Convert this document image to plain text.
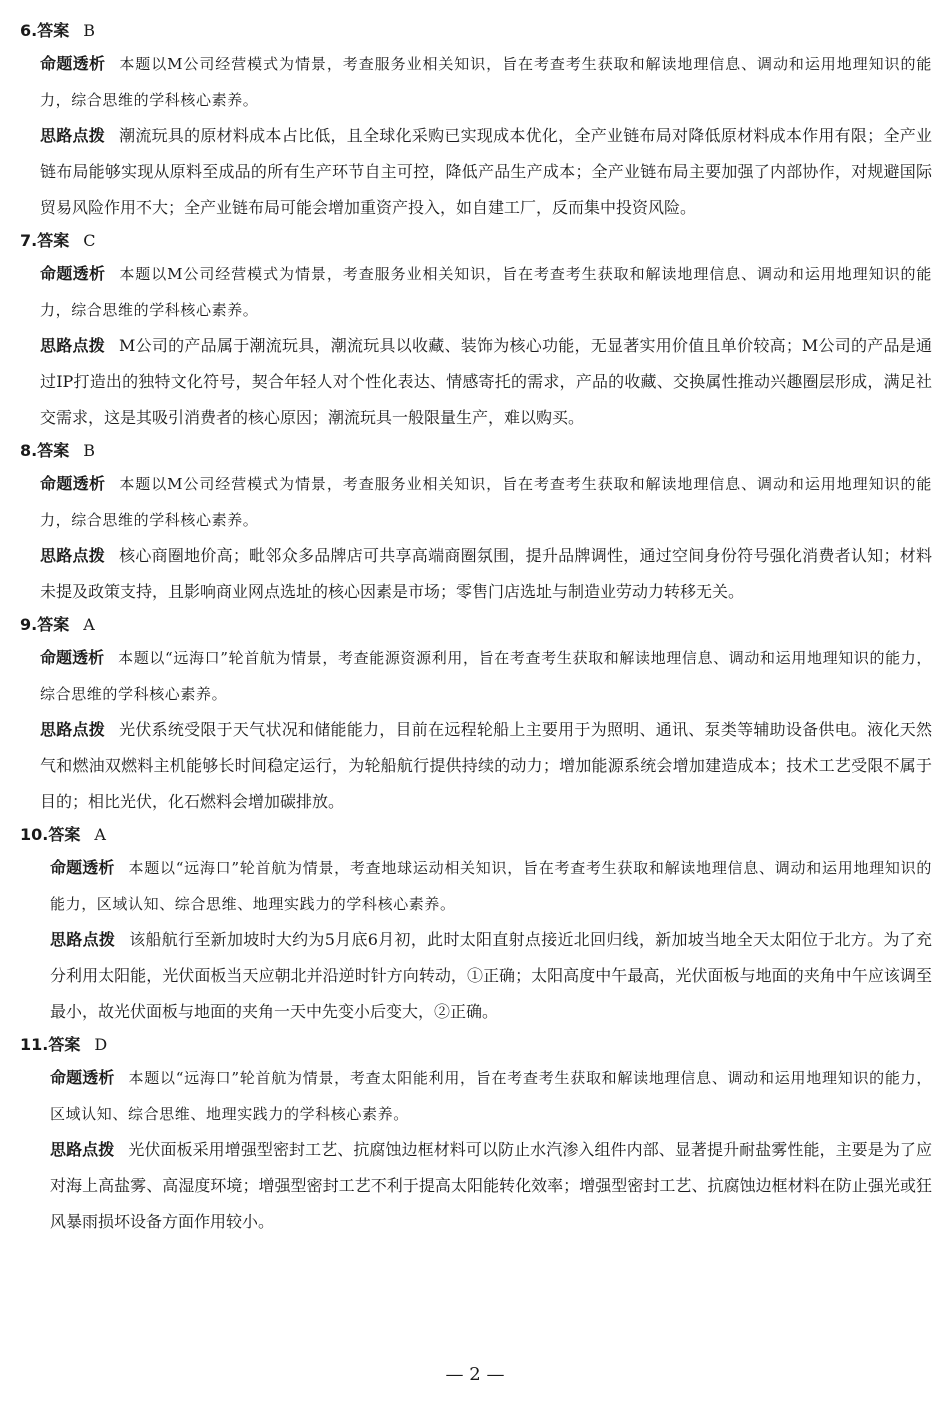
6.答案 B

命题透析 本题以M公司经营模式为情景，考查服务业相关知识，旨在考查考生获取和解读地理信息、调动和运用地理知识的能力，综合思维的学科核心素养。

思路点拨 潮流玩具的原材料成本占比低，且全球化采购已实现成本优化，全产业链布局对降低原材料成本作用有限；全产业链布局能够实现从原料至成品的所有生产环节自主可控，降低产品生产成本；全产业链布局主要加强了内部协作，对规避国际贸易风险作用不大；全产业链布局可能会增加重资产投入，如自建工厂，反而集中投资风险。

7.答案 C

命题透析 本题以M公司经营模式为情景，考查服务业相关知识，旨在考查考生获取和解读地理信息、调动和运用地理知识的能力，综合思维的学科核心素养。

思路点拨 M公司的产品属于潮流玩具，潮流玩具以收藏、装饰为核心功能，无显著实用价值且单价较高；M公司的产品是通过IP打造出的独特文化符号，契合年轻人对个性化表达、情感寄托的需求，产品的收藏、交换属性推动兴趣圈层形成，满足社交需求，这是其吸引消费者的核心原因；潮流玩具一般限量生产，难以购买。

8.答案 B

命题透析 本题以M公司经营模式为情景，考查服务业相关知识，旨在考查考生获取和解读地理信息、调动和运用地理知识的能力，综合思维的学科核心素养。

思路点拨 核心商圈地价高；毗邻众多品牌店可共享高端商圈氛围，提升品牌调性，通过空间身份符号强化消费者认知；材料未提及政策支持，且影响商业网点选址的核心因素是市场；零售门店选址与制造业劳动力转移无关。

9.答案 A

命题透析 本题以“远海口”轮首航为情景，考查能源资源利用，旨在考查考生获取和解读地理信息、调动和运用地理知识的能力，综合思维的学科核心素养。

思路点拨 光伏系统受限于天气状况和储能能力，目前在远程轮船上主要用于为照明、通讯、泵类等辅助设备供电。液化天然气和燃油双燃料主机能够长时间稳定运行，为轮船航行提供持续的动力；增加能源系统会增加建造成本；技术工艺受限不属于目的；相比光伏，化石燃料会增加碳排放。

10.答案 A

命题透析 本题以“远海口”轮首航为情景，考查地球运动相关知识，旨在考查考生获取和解读地理信息、调动和运用地理知识的能力，区域认知、综合思维、地理实践力的学科核心素养。

思路点拨 该船航行至新加坡时大约为5月底6月初，此时太阳直射点接近北回归线，新加坡当地全天太阳位于北方。为了充分利用太阳能，光伏面板当天应朝北并沿逆时针方向转动，①正确；太阳高度中午最高，光伏面板与地面的夹角中午应该调至最小，故光伏面板与地面的夹角一天中先变小后变大，②正确。

11.答案 D

命题透析 本题以“远海口”轮首航为情景，考查太阳能利用，旨在考查考生获取和解读地理信息、调动和运用地理知识的能力，区域认知、综合思维、地理实践力的学科核心素养。

思路点拨 光伏面板采用增强型密封工艺、抗腐蚀边框材料可以防止水汽渗入组件内部、显著提升耐盐雾性能，主要是为了应对海上高盐雾、高湿度环境；增强型密封工艺不利于提高太阳能转化效率；增强型密封工艺、抗腐蚀边框材料在防止强光或狂风暴雨损坏设备方面作用较小。

— 2 —
